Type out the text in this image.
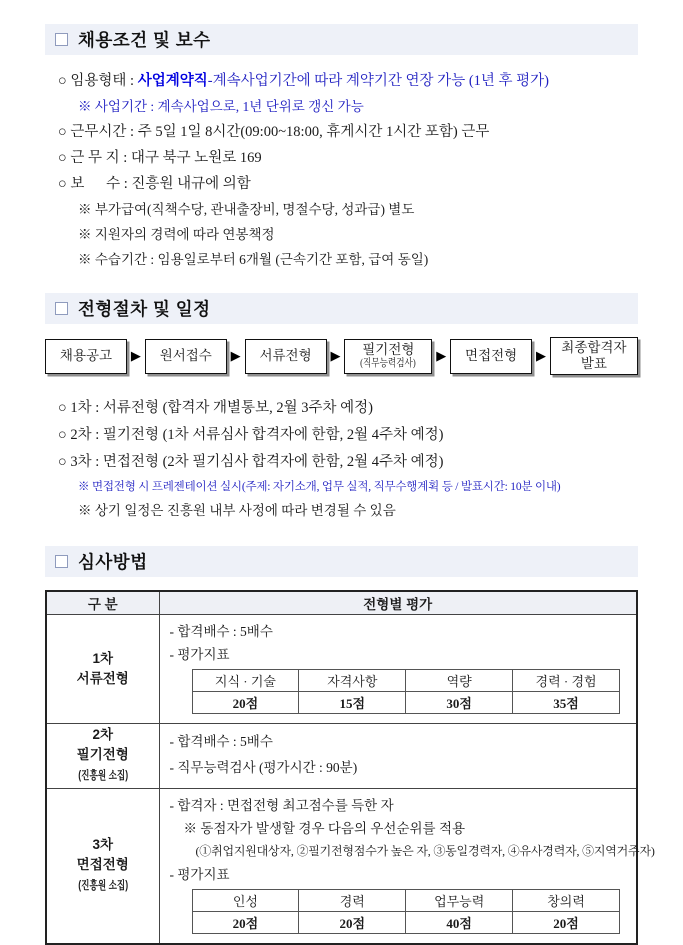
채용조건 및 보수
○ 임용형태 : 사업계약직-계속사업기간에 따라 계약기간 연장 가능 (1년 후 평가)
※ 사업기간 : 계속사업으로, 1년 단위로 갱신 가능
○ 근무시간 : 주 5일 1일 8시간(09:00~18:00, 휴게시간 1시간 포함) 근무
○ 근 무 지 : 대구 북구 노원로 169
○ 보      수 : 진흥원 내규에 의함
※ 부가급여(직책수당, 관내출장비, 명절수당, 성과급) 별도
※ 지원자의 경력에 따라 연봉책정
※ 수습기간 : 임용일로부터 6개월 (근속기간 포함, 급여 동일)
전형절차 및 일정
채용공고 ▶ 원서접수 ▶ 서류전형 ▶ 필기전형
(직무능력검사)
▶ 면접전형 ▶
최종합격자
발표
○ 1차 : 서류전형 (합격자 개별통보, 2월 3주차 예정)
○ 2차 : 필기전형 (1차 서류심사 합격자에 한함, 2월 4주차 예정)
○ 3차 : 면접전형 (2차 필기심사 합격자에 한함, 2월 4주차 예정)
※ 면접전형 시 프레젠테이션 실시(주제: 자기소개, 업무 실적, 직무수행계획 등 / 발표시간: 10분 이내)
※ 상기 일정은 진흥원 내부 사정에 따라 변경될 수 있음
심사방법
구 분	전형별 평가

1차
서류전형

- 합격배수 : 5배수
- 평가지표
지식 · 기술	자격사항	역량	경력 · 경험
20점	15점	30점	35점

2차
필기전형
(진흥원 소집)

- 합격배수 : 5배수
- 직무능력검사 (평가시간 : 90분)

3차
면접전형
(진흥원 소집)

- 합격자 : 면접전형 최고점수를 득한 자
※ 동점자가 발생할 경우 다음의 우선순위를 적용
(①취업지원대상자, ②필기전형점수가 높은 자, ③동일경력자, ④유사경력자, ⑤지역거주자)
- 평가지표
인성	경력	업무능력	창의력
20점	20점	40점	20점
